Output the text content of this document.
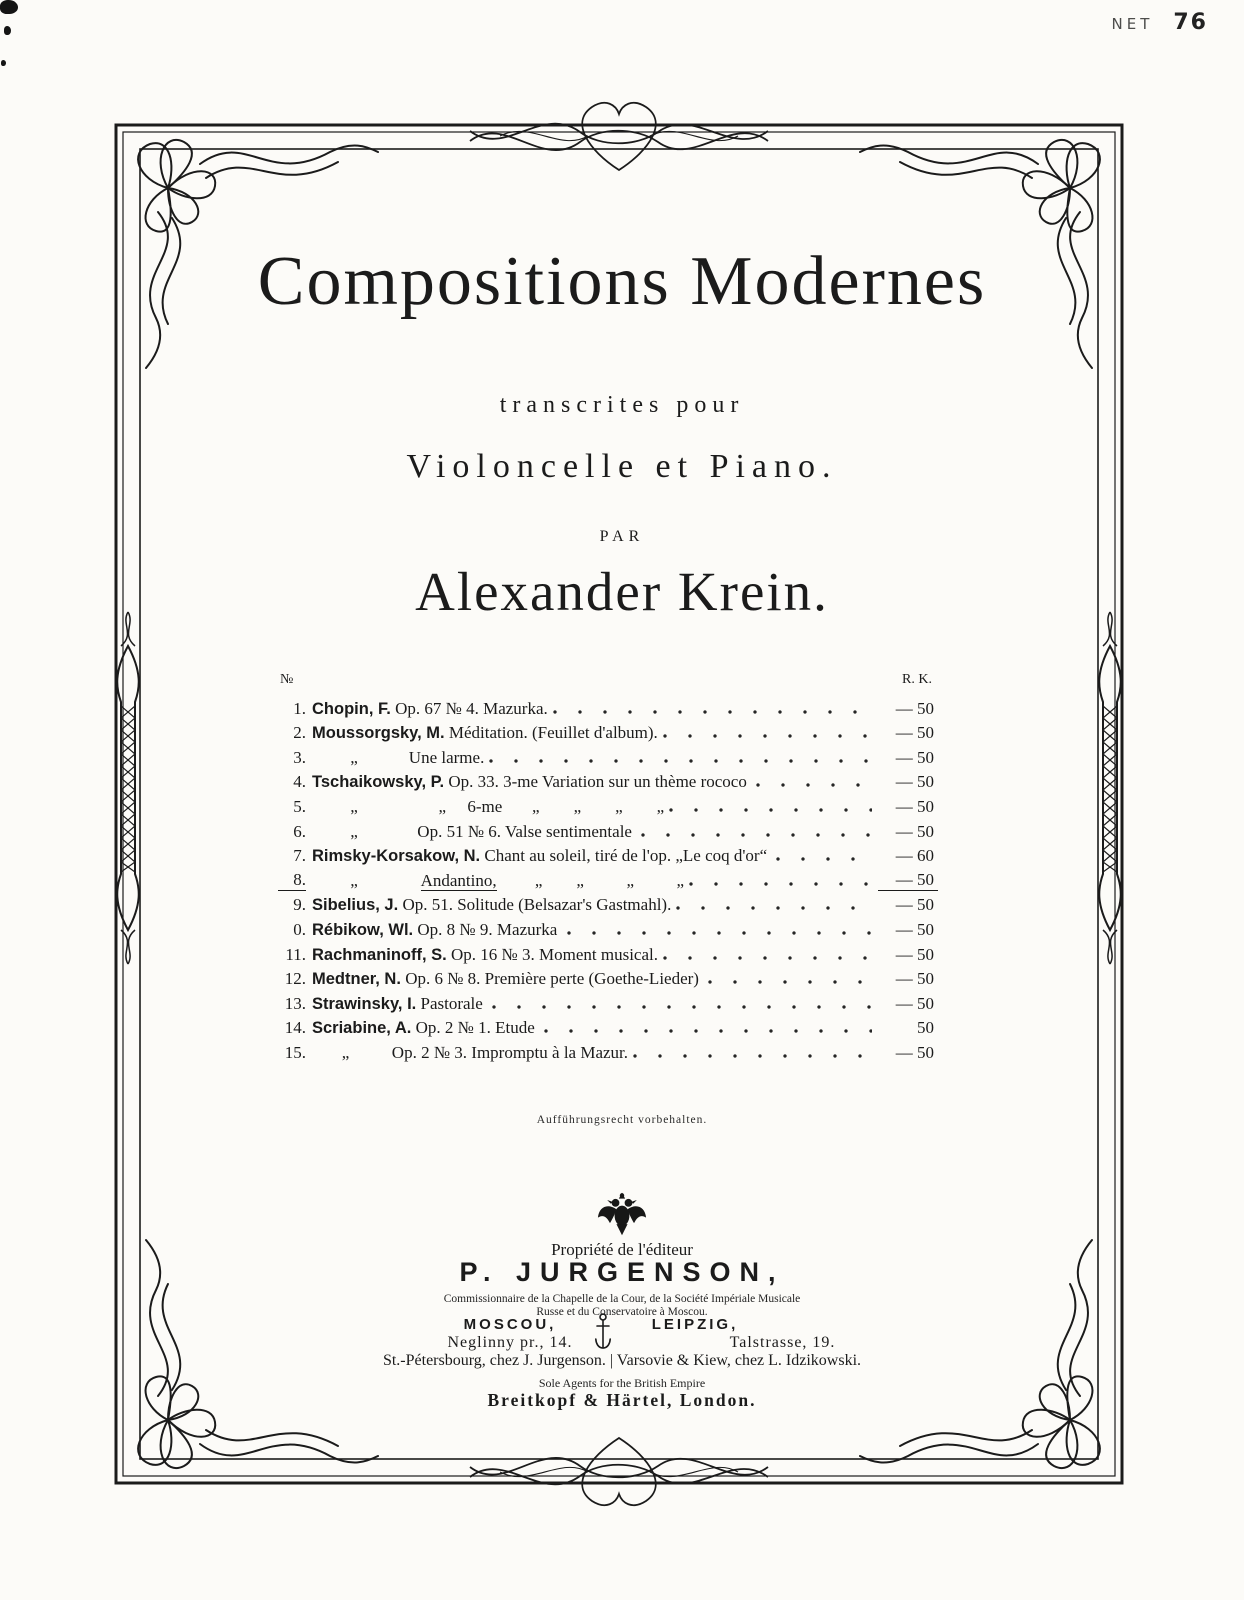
NET 76
Compositions Modernes
transcrites pour
Violoncelle et Piano.
PAR
Alexander Krein.
№	R. K.
1. Chopin, F. Op. 67 № 4. Mazurka.	— 50
2. Moussorgsky, M. Méditation. (Feuillet d'album).	— 50
3. „            Une larme.	— 50
4. Tschaikowsky, P. Op. 33. 3-me Variation sur un thème rococo	— 50
5. „                   „     6-me       „        „        „        „	— 50
6. „              Op. 51 № 6. Valse sentimentale	— 50
7. Rimsky-Korsakow, N. Chant au soleil, tiré de l'op. „Le coq d'or“	— 60
8. „               Andantino,         „        „          „          „	— 50
9. Sibelius, J. Op. 51. Solitude (Belsazar's Gastmahl).	— 50
0. Rébikow, Wl. Op. 8 № 9. Mazurka	— 50
11. Rachmaninoff, S. Op. 16 № 3. Moment musical.	— 50
12. Medtner, N. Op. 6 № 8. Première perte (Goethe-Lieder)	— 50
13. Strawinsky, I. Pastorale	— 50
14. Scriabine, A. Op. 2 № 1. Etude	50
15. „          Op. 2 № 3. Impromptu à la Mazur.	— 50
Aufführungsrecht vorbehalten.
Propriété de l'éditeur
P. JURGENSON,
Commissionnaire de la Chapelle de la Cour, de la Société Impériale Musicale
Russe et du Conservatoire à Moscou.
MOSCOU,	LEIPZIG,
Neglinny pr., 14.	Talstrasse, 19.
St.-Pétersbourg, chez J. Jurgenson. | Varsovie & Kiew, chez L. Idzikowski.
Sole Agents for the British Empire
Breitkopf & Härtel, London.
